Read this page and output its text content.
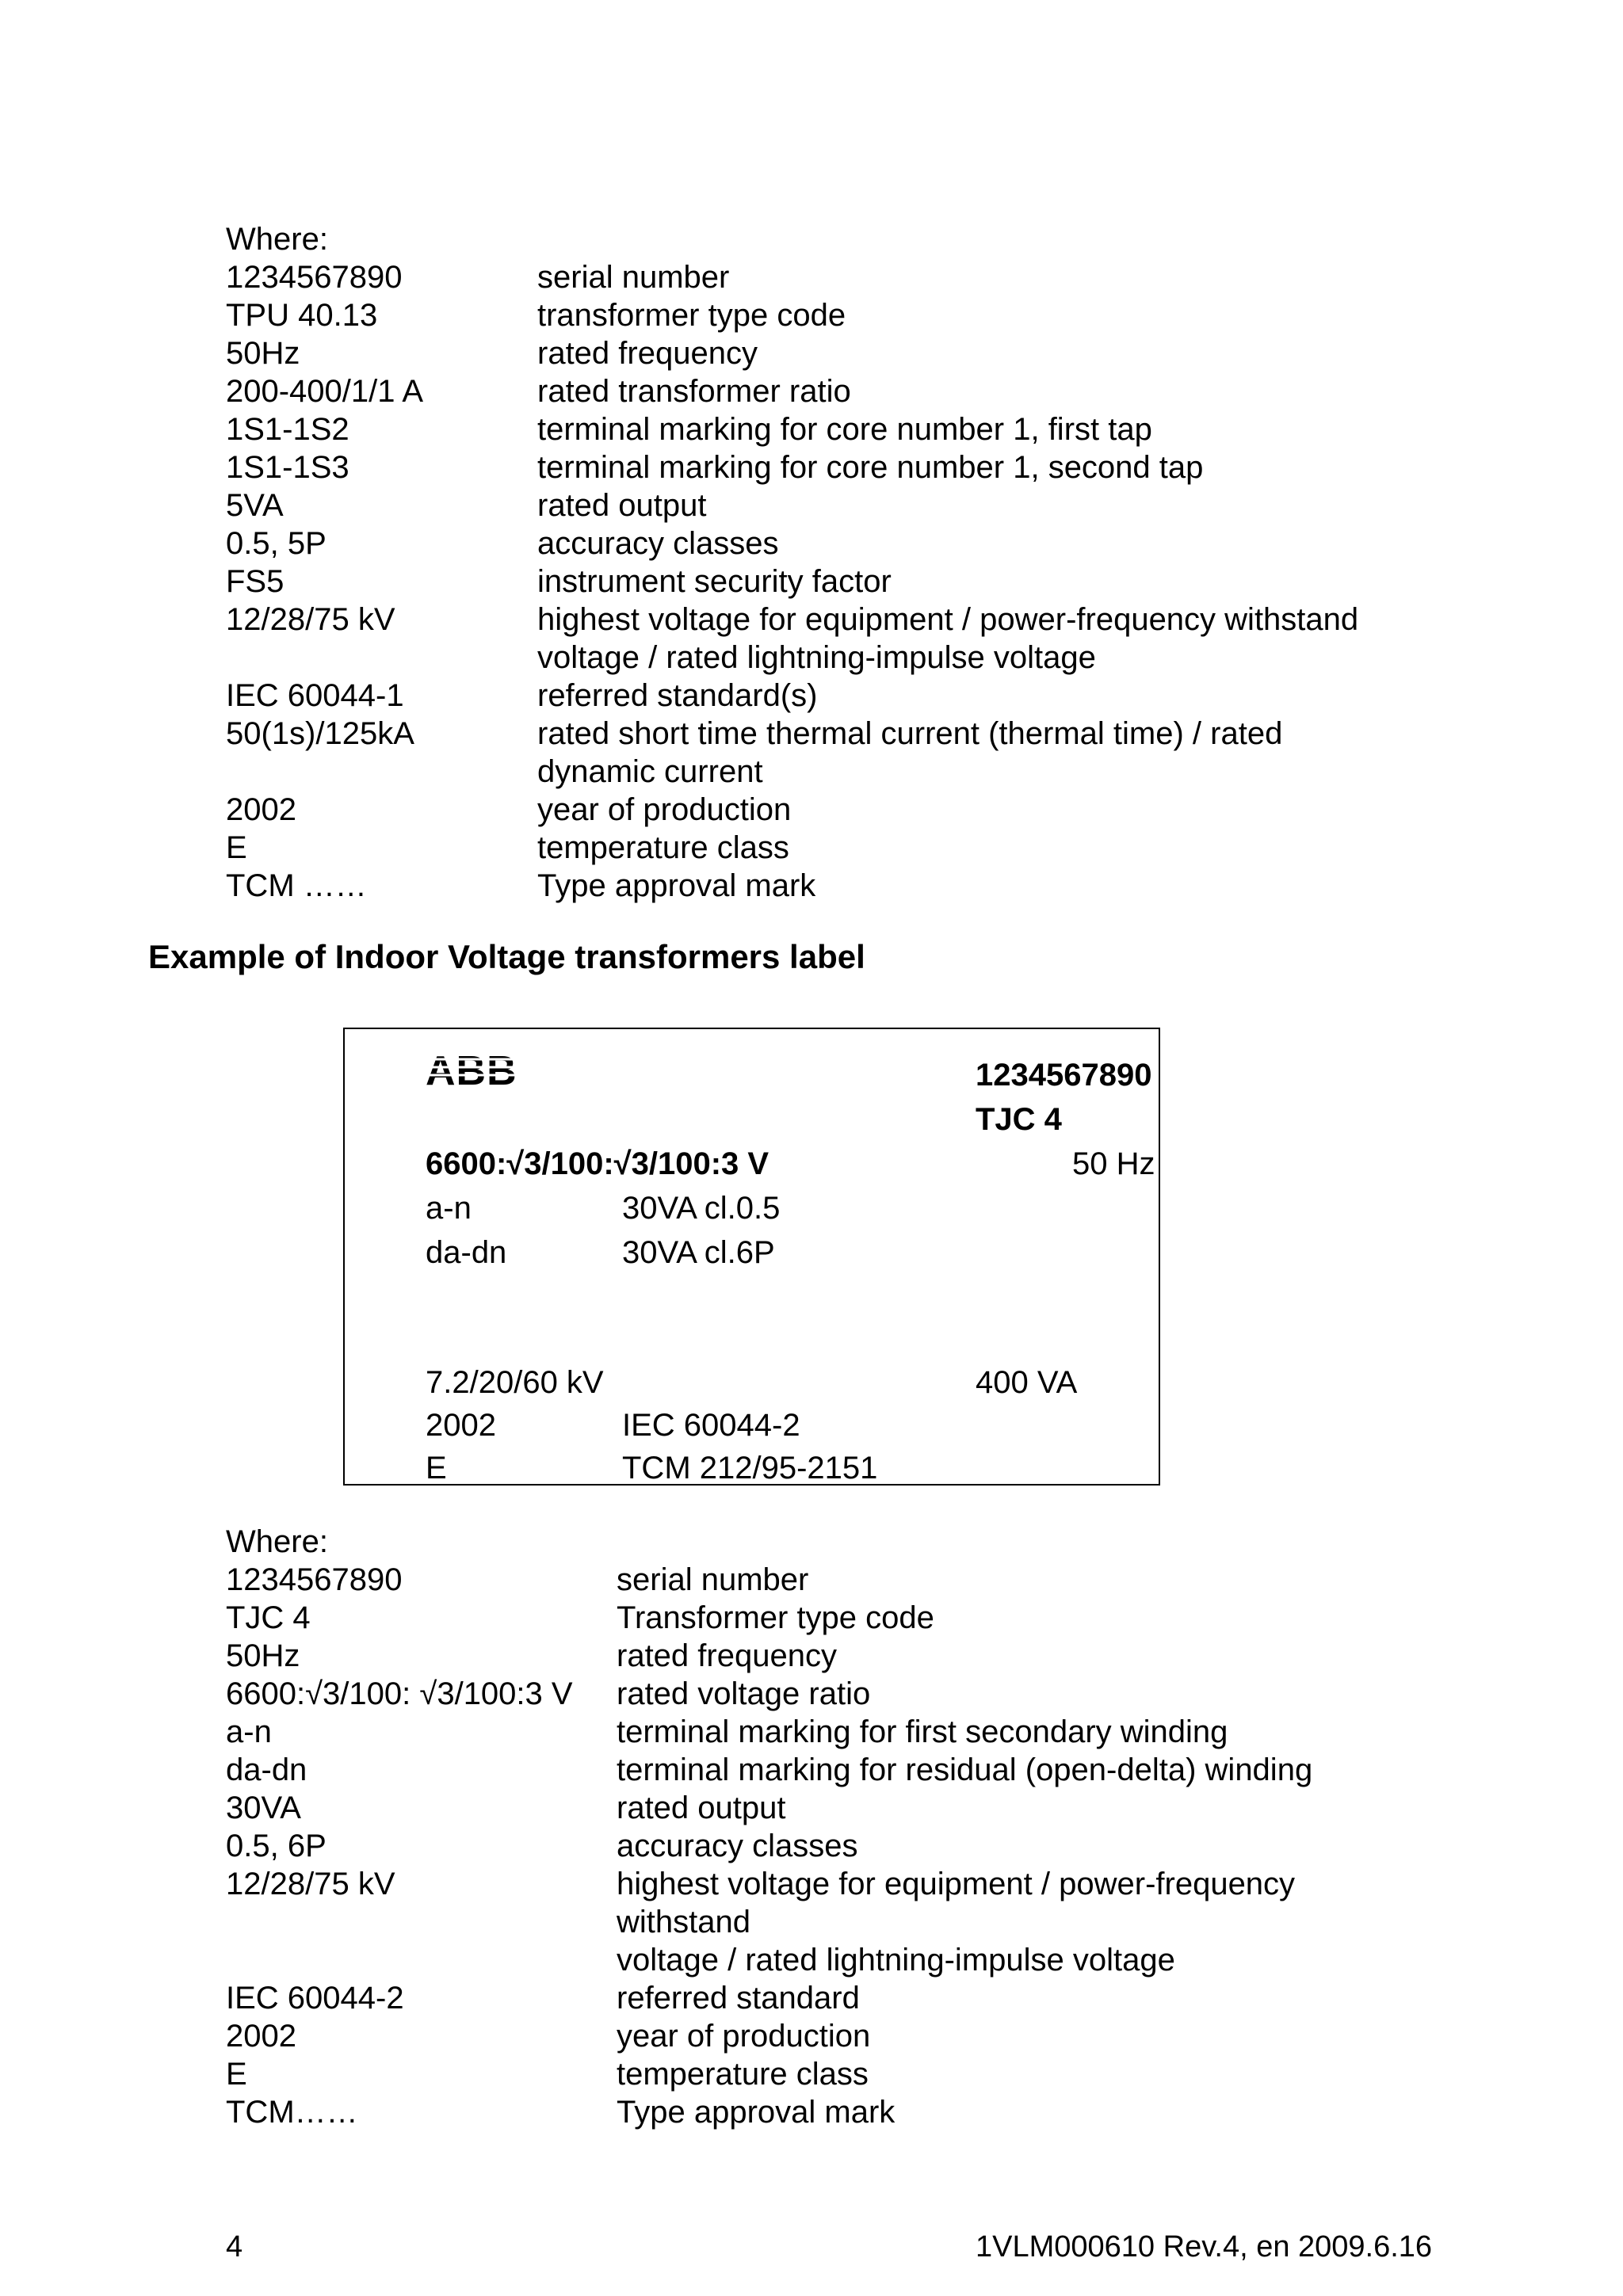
Where:
1234567890	serial number
TPU 40.13	transformer type code
50Hz	rated frequency
200-400/1/1 A	rated transformer ratio
1S1-1S2	terminal marking for core number 1, first tap
1S1-1S3	terminal marking for core number 1, second tap
5VA	rated output
0.5, 5P	accuracy classes
FS5	instrument security factor
12/28/75 kV	highest voltage for equipment / power-frequency withstand voltage / rated lightning-impulse voltage
IEC 60044-1	referred standard(s)
50(1s)/125kA	rated short time thermal current (thermal time) / rated dynamic current
2002	year of production
E	temperature class
TCM ……	Type approval mark
Example of Indoor Voltage transformers label
ABB	1234567890
TJC 4
6600:√3/100:√3/100:3 V	50 Hz
a-n	30VA cl.0.5
da-dn	30VA cl.6P
7.2/20/60 kV	400 VA
2002	IEC 60044-2
E	TCM 212/95-2151
Where:
1234567890	serial number
TJC 4	Transformer type code
50Hz	rated frequency
6600:√3/100: √3/100:3 V rated voltage ratio
a-n	terminal marking for first secondary winding
da-dn	terminal marking for residual (open-delta) winding
30VA	rated output
0.5, 6P	accuracy classes
12/28/75 kV	highest voltage for equipment / power-frequency withstand
voltage / rated lightning-impulse voltage
IEC 60044-2	referred standard
2002	year of production
E	temperature class
TCM……	Type approval mark
4	1VLM000610 Rev.4, en 2009.6.16
